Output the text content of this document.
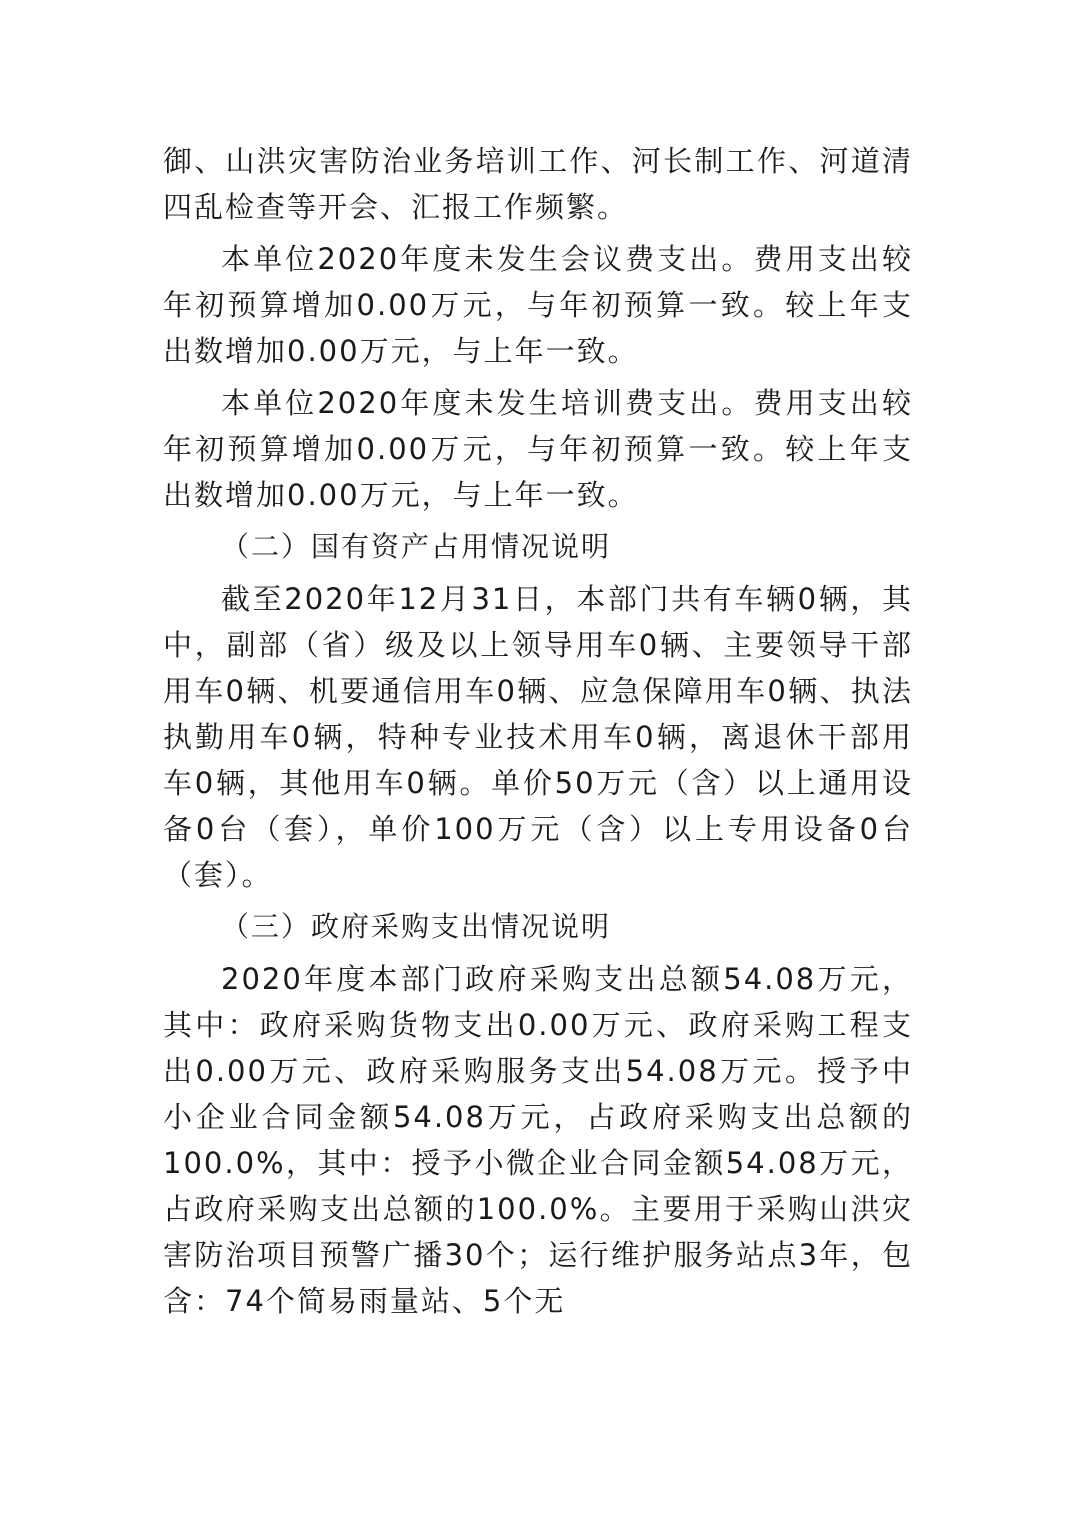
御、山洪灾害防治业务培训工作、河长制工作、河道清四乱检查等开会、汇报工作频繁。

本单位2020年度未发生会议费支出。费用支出较年初预算增加0.00万元，与年初预算一致。较上年支出数增加0.00万元，与上年一致。

本单位2020年度未发生培训费支出。费用支出较年初预算增加0.00万元，与年初预算一致。较上年支出数增加0.00万元，与上年一致。

（二）国有资产占用情况说明

截至2020年12月31日，本部门共有车辆0辆，其中，副部（省）级及以上领导用车0辆、主要领导干部用车0辆、机要通信用车0辆、应急保障用车0辆、执法执勤用车0辆，特种专业技术用车0辆，离退休干部用车0辆，其他用车0辆。单价50万元（含）以上通用设备0台（套），单价100万元（含）以上专用设备0台（套）。

（三）政府采购支出情况说明

2020年度本部门政府采购支出总额54.08万元，其中：政府采购货物支出0.00万元、政府采购工程支出0.00万元、政府采购服务支出54.08万元。授予中小企业合同金额54.08万元，占政府采购支出总额的100.0%，其中：授予小微企业合同金额54.08万元，占政府采购支出总额的100.0%。主要用于采购山洪灾害防治项目预警广播30个；运行维护服务站点3年，包含：74个简易雨量站、5个无
